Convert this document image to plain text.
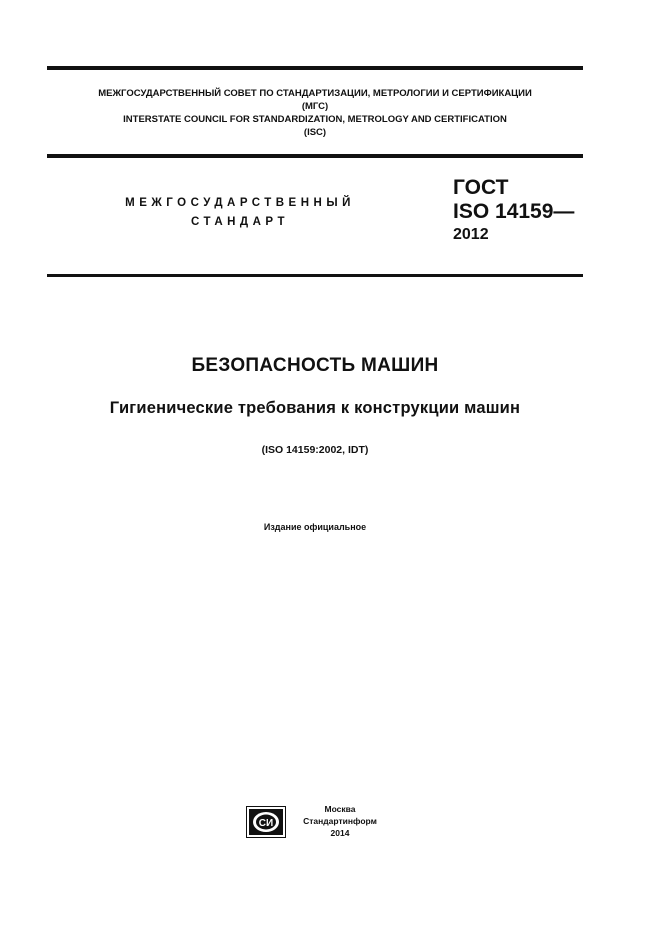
МЕЖГОСУДАРСТВЕННЫЙ СОВЕТ ПО СТАНДАРТИЗАЦИИ, МЕТРОЛОГИИ И СЕРТИФИКАЦИИ
(МГС)
INTERSTATE COUNCIL FOR STANDARDIZATION, METROLOGY AND CERTIFICATION
(ISC)
МЕЖГОСУДАРСТВЕННЫЙ
СТАНДАРТ
ГОСТ
ISO 14159—
2012
БЕЗОПАСНОСТЬ МАШИН
Гигиенические требования к конструкции машин
(ISO 14159:2002, IDT)
Издание официальное
СИ
Москва
Стандартинформ
2014
